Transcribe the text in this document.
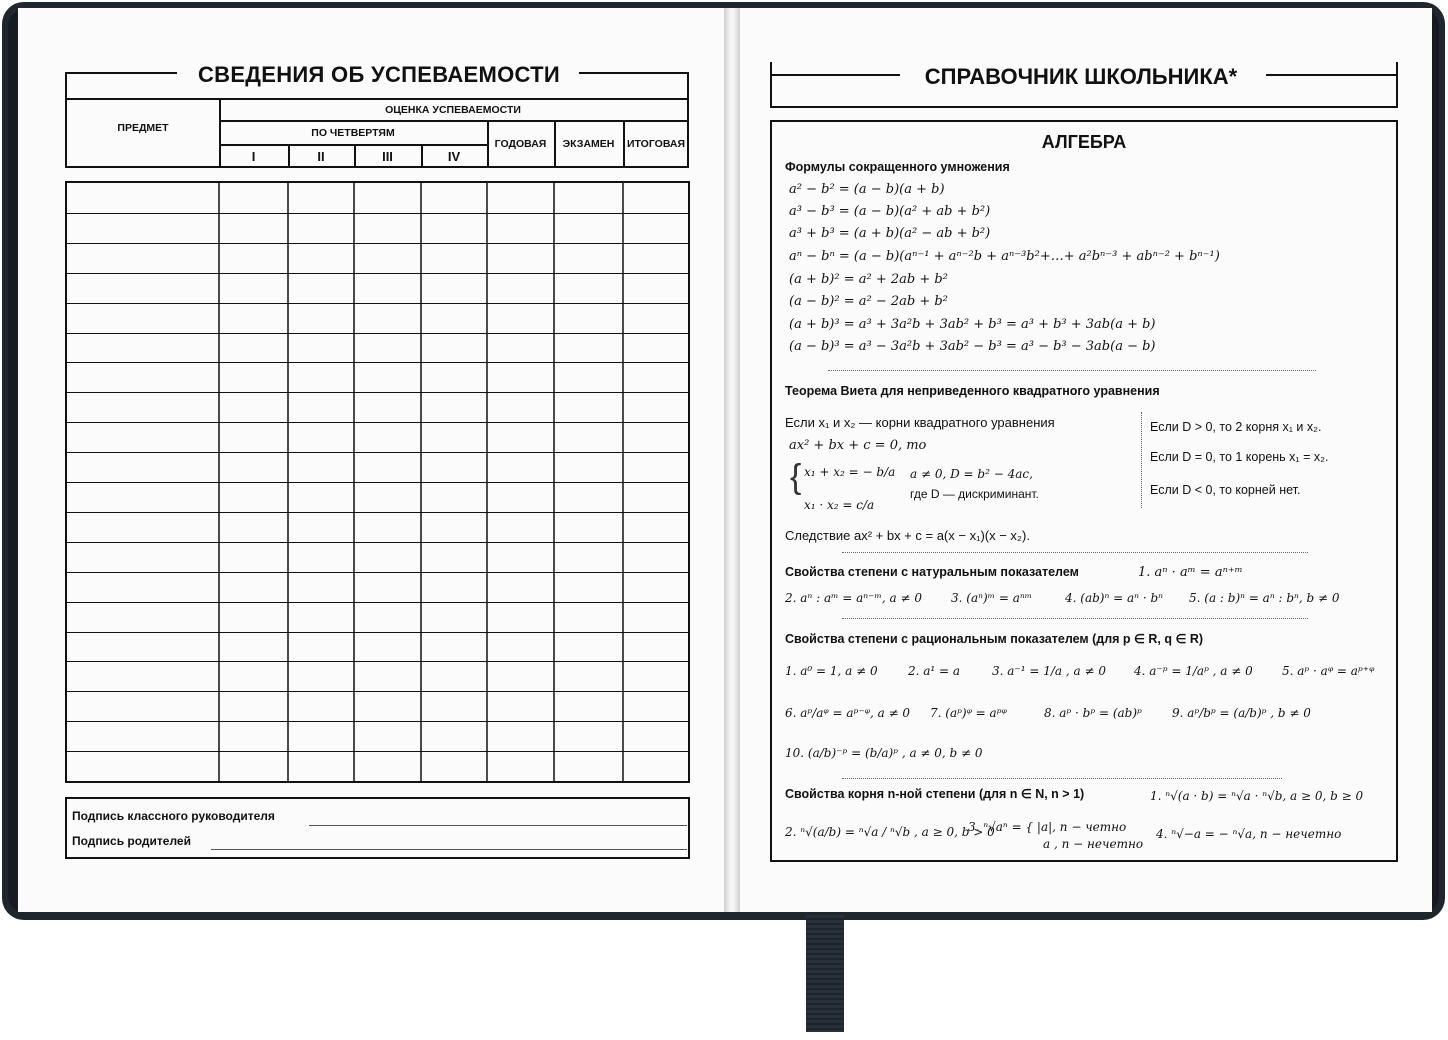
СВЕДЕНИЯ ОБ УСПЕВАЕМОСТИ
ПРЕДМЕТ
ОЦЕНКА УСПЕВАЕМОСТИ
ПО ЧЕТВЕРТЯМ
I	II	III	IV
ГОДОВАЯ	ЭКЗАМЕН	ИТОГОВАЯ
Подпись классного руководителя
Подпись родителей
СПРАВОЧНИК ШКОЛЬНИКА*
АЛГЕБРА
Формулы сокращенного умножения
a² − b² = (a − b)(a + b)
a³ − b³ = (a − b)(a² + ab + b²)
a³ + b³ = (a + b)(a² − ab + b²)
aⁿ − bⁿ = (a − b)(aⁿ⁻¹ + aⁿ⁻²b + aⁿ⁻³b²+…+ a²bⁿ⁻³ + abⁿ⁻² + bⁿ⁻¹)
(a + b)² = a² + 2ab + b²
(a − b)² = a² − 2ab + b²
(a + b)³ = a³ + 3a²b + 3ab² + b³ = a³ + b³ + 3ab(a + b)
(a − b)³ = a³ − 3a²b + 3ab² − b³ = a³ − b³ − 3ab(a − b)
Теорема Виета для неприведенного квадратного уравнения
Если x₁ и x₂ — корни квадратного уравнения
ax² + bx + c = 0, то
{ x₁ + x₂ = − b/a
x₁ · x₂ = c/a
a ≠ 0, D = b² − 4ac,
где D — дискриминант.
Если D > 0, то 2 корня x₁ и x₂.
Если D = 0, то 1 корень x₁ = x₂.
Если D < 0, то корней нет.
Следствие ax² + bx + c = a(x − x₁)(x − x₂).
Свойства степени с натуральным показателем	1. aⁿ · aᵐ = aⁿ⁺ᵐ
2. aⁿ : aᵐ = aⁿ⁻ᵐ, a ≠ 0 3. (aⁿ)ᵐ = aⁿᵐ	4. (ab)ⁿ = aⁿ · bⁿ 5. (a : b)ⁿ = aⁿ : bⁿ, b ≠ 0
Свойства степени с рациональным показателем (для p ∈ R, q ∈ R)
1. a⁰ = 1, a ≠ 0	2. a¹ = a	3. a⁻¹ = 1/a , a ≠ 0 4. a⁻ᵖ = 1/aᵖ , a ≠ 0 5. aᵖ · aᵠ = aᵖ⁺ᵠ
6. aᵖ/aᵠ = aᵖ⁻ᵠ, a ≠ 0 7. (aᵖ)ᵠ = aᵖᵠ	8. aᵖ · bᵖ = (ab)ᵖ	9. aᵖ/bᵖ = (a/b)ᵖ , b ≠ 0
10. (a/b)⁻ᵖ = (b/a)ᵖ , a ≠ 0, b ≠ 0
Свойства корня n-ной степени (для n ∈ N, n > 1)	1. ⁿ√(a · b) = ⁿ√a · ⁿ√b, a ≥ 0, b ≥ 0
2. ⁿ√(a/b) = ⁿ√a / ⁿ√b , a ≥ 0, b > 0
3. ⁿ√aⁿ = { |a|, n − четно
a , n − нечетно
4. ⁿ√−a = − ⁿ√a, n − нечетно
